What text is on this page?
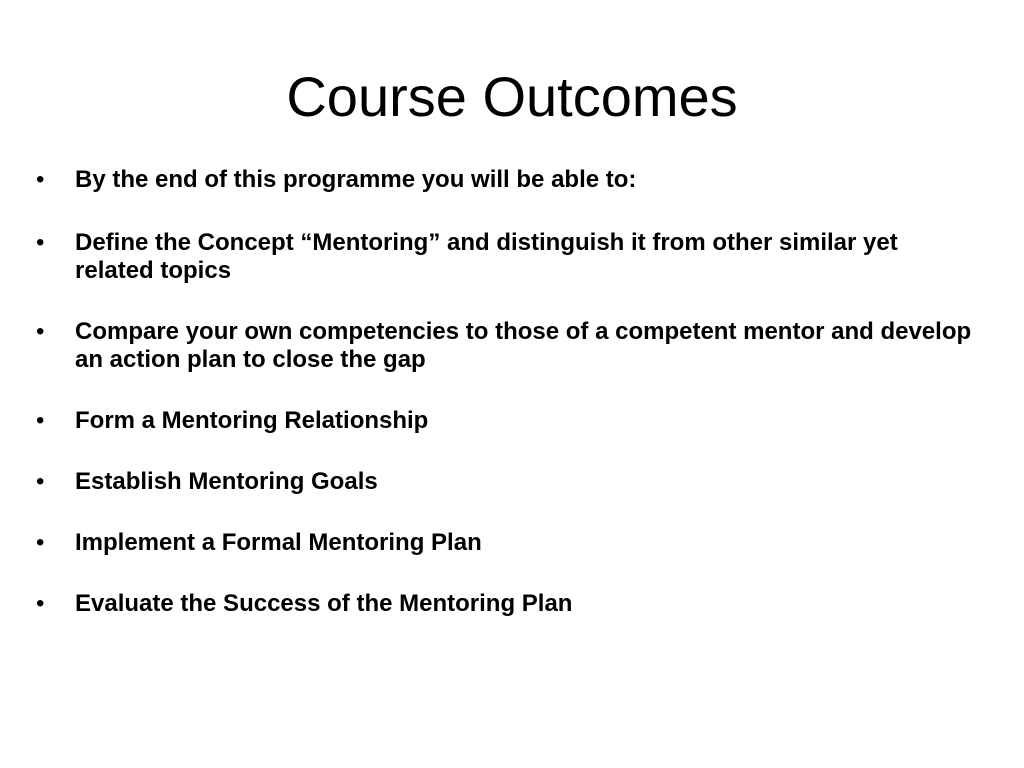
Course Outcomes
•	By the end of this programme you will be able to:
•	Define the Concept “Mentoring” and distinguish it from other similar yet related topics
•	Compare your own competencies to those of a competent mentor and develop an action plan to close the gap
•	Form a Mentoring Relationship
•	Establish Mentoring Goals
•	Implement a Formal Mentoring Plan
•	Evaluate the Success of the Mentoring Plan
